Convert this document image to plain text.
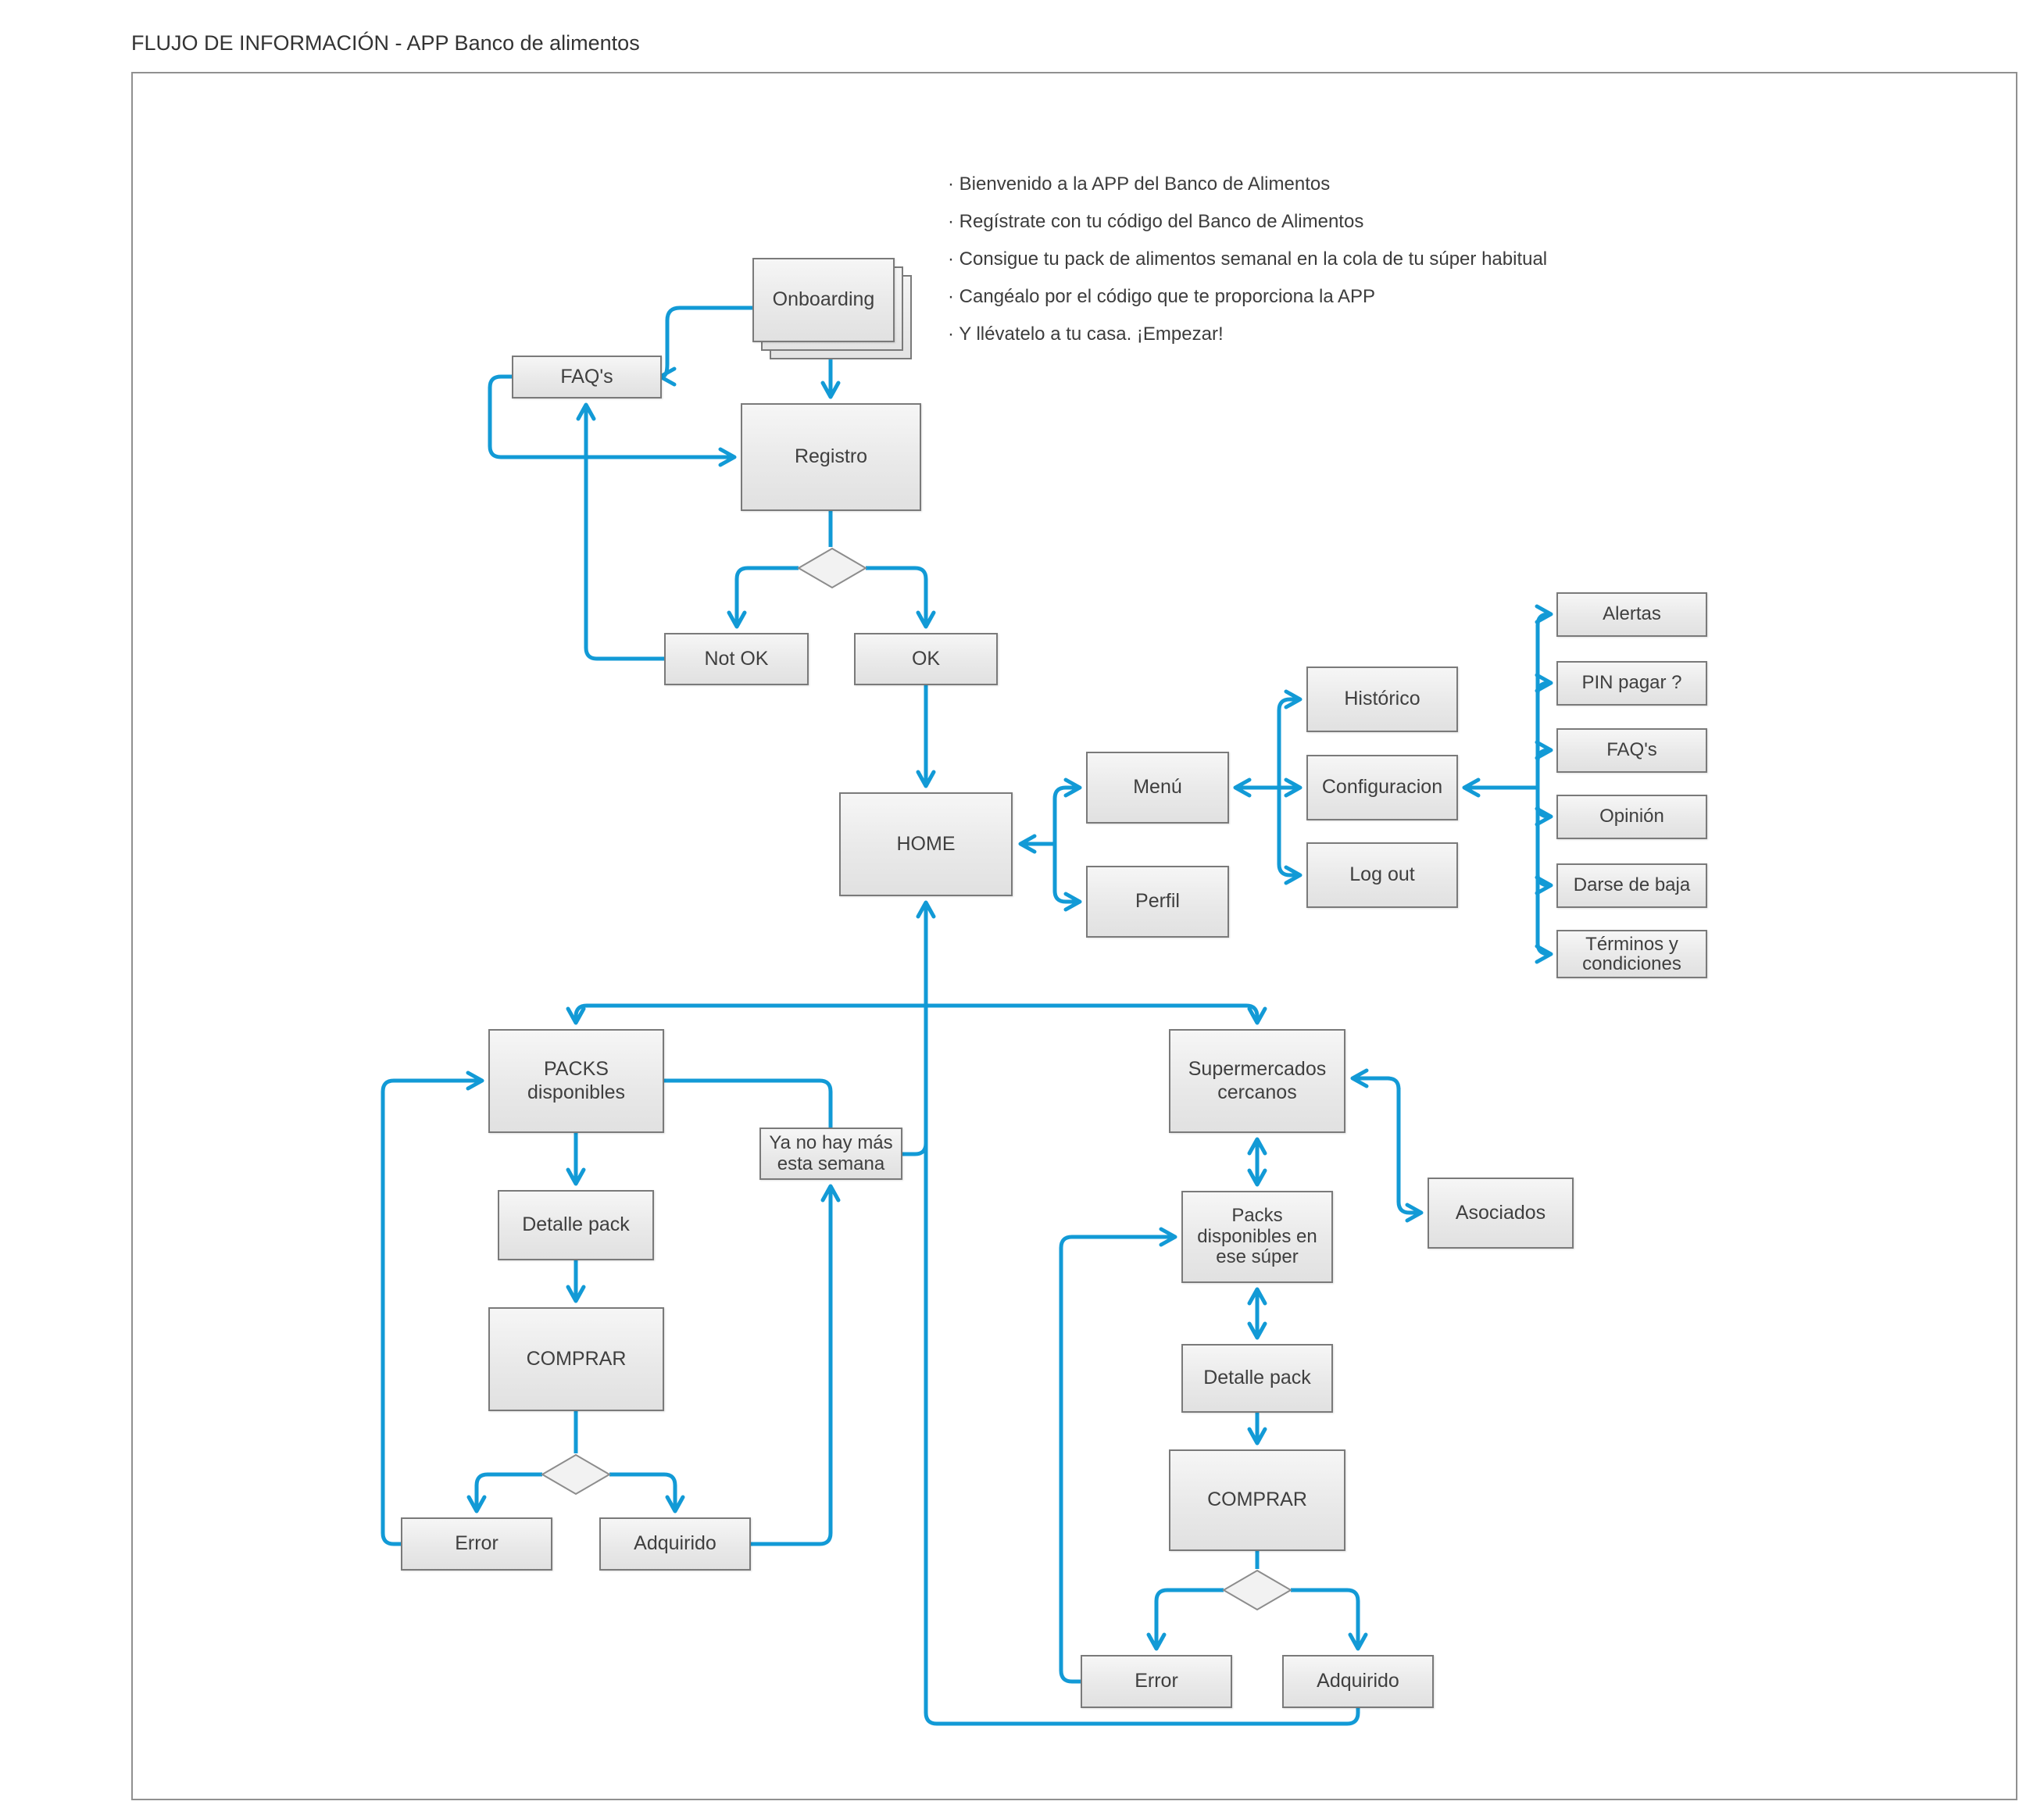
FLUJO DE INFORMACIÓN - APP Banco de alimentos
· Bienvenido a la APP del Banco de Alimentos
· Regístrate con tu código del Banco de Alimentos
· Consigue tu pack de alimentos semanal en la cola de tu súper habitual
· Cangéalo por el código que te proporciona la APP
· Y llévatelo a tu casa. ¡Empezar!
Onboarding
FAQ's
Registro
Not OK	OK
HOME
Menú
Perfil
Histórico
Configuracion
Log out
Alertas
PIN pagar ?
FAQ's
Opinión
Darse de baja
Términos y
condiciones
PACKS
disponibles
Ya no hay más
esta semana
Detalle pack
COMPRAR
Error	Adquirido
Supermercados
cercanos
Asociados
Packs
disponibles en
ese súper
Detalle pack
COMPRAR
Error	Adquirido
